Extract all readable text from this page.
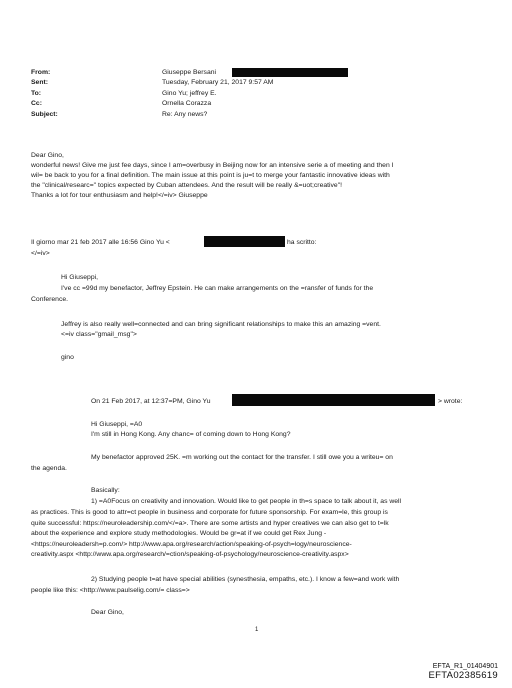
From:
Sent:
To:
Cc:
Subject:
Giuseppe Bersani
Tuesday, February 21, 2017 9:57 AM
Gino Yu; jeffrey E.
Ornella Corazza
Re: Any news?
Dear Gino,
wonderful news! Give me just fee days, since I am=overbusy in Beijing now for an intensive serie a of meeting and then I
wil= be back to you for a final definition. The main issue at this point is ju=t to merge your fantastic innovative ideas with
the "clinical/researc=" topics expected by Cuban attendees. And the result will be really &=uot;creative"!
Thanks a lot for tour enthusiasm and help!</=iv> Giuseppe
Il giorno mar 21 feb 2017 alle 16:56 Gino Yu <	ha scritto:
</=iv>
Hi Giuseppi,
I've cc =99d my benefactor, Jeffrey Epstein. He can make arrangements on the =ransfer of funds for the
Conference.
Jeffrey is also really well=connected and can bring significant relationships to make this an amazing =vent.
<=iv class="gmail_msg">
gino
On 21 Feb 2017, at 12:37=PM, Gino Yu	> wrote:
Hi Giuseppi, =A0
I'm still in Hong Kong. Any chanc= of coming down to Hong Kong?
My benefactor approved 25K. =m working out the contact for the transfer. I still owe you a writeu= on
the agenda.
Basically:
1) =A0Focus on creativity and innovation. Would like to get people in th=s space to talk about it, as well
as practices. This is good to attr=ct people in business and corporate for future sponsorship. For exam=le, this group is
quite successful: https://neuroleadership.com/</=a>. There are some artists and hyper creatives we can also get to t=lk
about the experience and explore study methodologies. Would be gr=at if we could get Rex Jung -
<https://neuroleadersh=p.com/> http://www.apa.org/research/action/speaking-of-psych=logy/neuroscience-
creativity.aspx <http://www.apa.org/research/=ction/speaking-of-psychology/neuroscience-creativity.aspx>
2) Studying people t=at have special abilities (synesthesia, empaths, etc.). I know a few=and work with
people like this: <http://www.paulselig.com/= class=>
Dear Gino,
1
EFTA_R1_01404901
EFTA02385619
